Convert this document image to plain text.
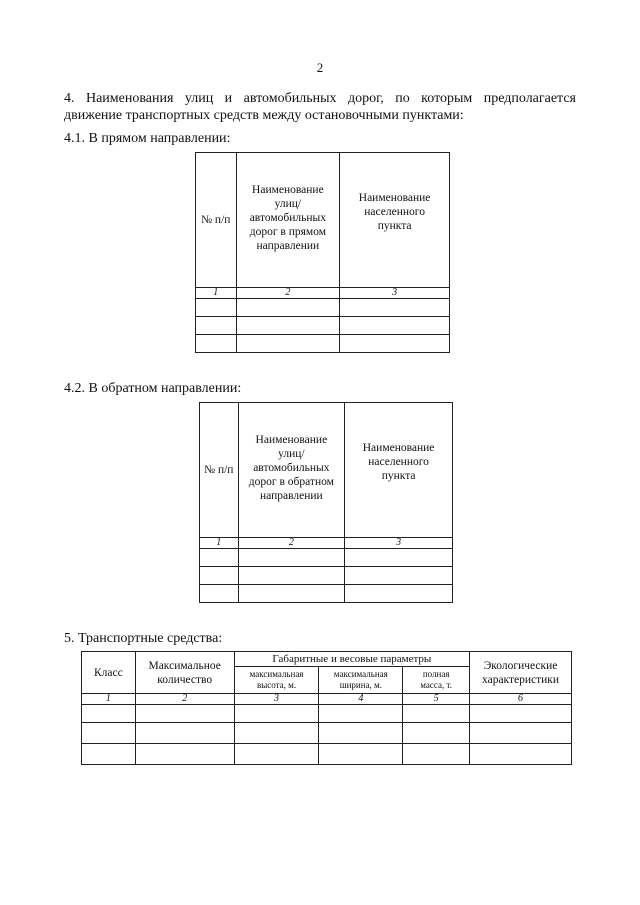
2
4. Наименования улиц и автомобильных дорог, по которым предполагается
движение транспортных средств между остановочными пунктами:
4.1. В прямом направлении:
№ п/п	Наименование улиц/ автомобильных дорог в прямом направлении	Наименование населенного пункта
1	2	3

4.2. В обратном направлении:
№ п/п	Наименование улиц/ автомобильных дорог в обратном направлении	Наименование населенного пункта
1	2	3

5. Транспортные средства:
Класс	Максимальное количество	Габаритные и весовые параметры			Экологические характеристики
		максимальная высота, м.	максимальная ширина, м.	полная масса, т.	
1	2	3	4	5	6
